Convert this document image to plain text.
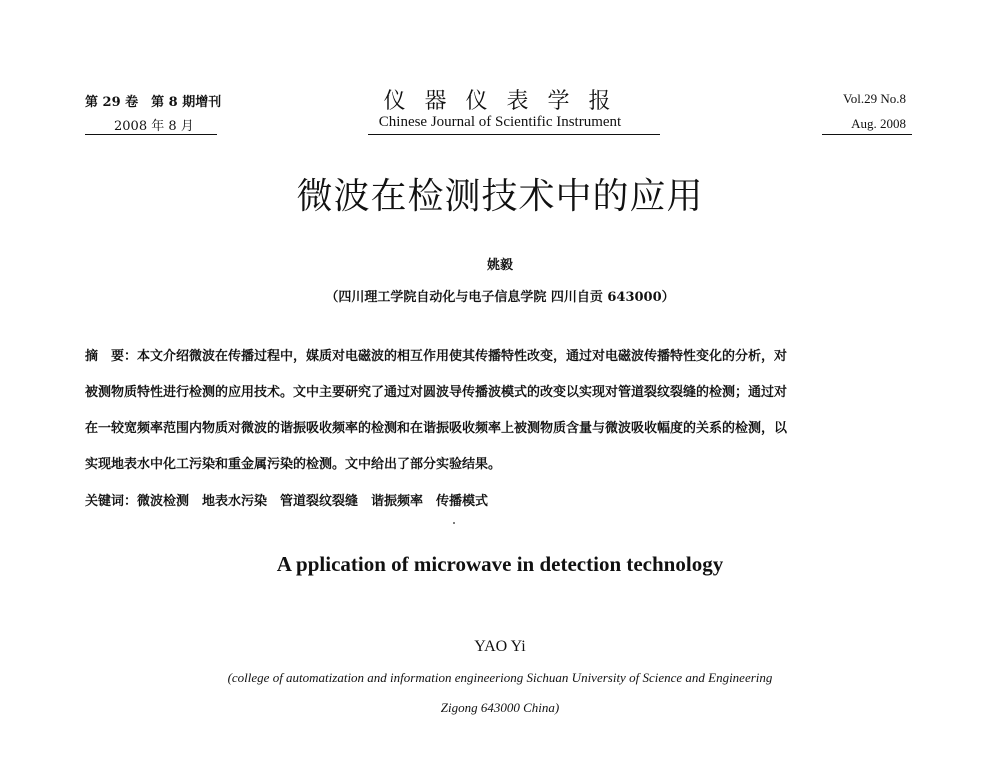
第 29 卷　第 8 期增刊
2008 年 8 月
仪 器 仪 表 学 报
Chinese Journal of Scientific Instrument
Vol.29 No.8
Aug. 2008
微波在检测技术中的应用
姚毅
（四川理工学院自动化与电子信息学院 四川自贡 643000）
摘　要：本文介绍微波在传播过程中，媒质对电磁波的相互作用使其传播特性改变，通过对电磁波传播特性变化的分析，对
被测物质特性进行检测的应用技术。文中主要研究了通过对圆波导传播波模式的改变以实现对管道裂纹裂缝的检测；通过对
在一较宽频率范围内物质对微波的谐振吸收频率的检测和在谐振吸收频率上被测物质含量与微波吸收幅度的关系的检测，以
实现地表水中化工污染和重金属污染的检测。文中给出了部分实验结果。
关键词：微波检测　地表水污染　管道裂纹裂缝　谐振频率　传播模式
A pplication of microwave in detection technology
YAO Yi
(college of automatization and information engineeriong Sichuan University of Science and Engineering
Zigong 643000 China)
